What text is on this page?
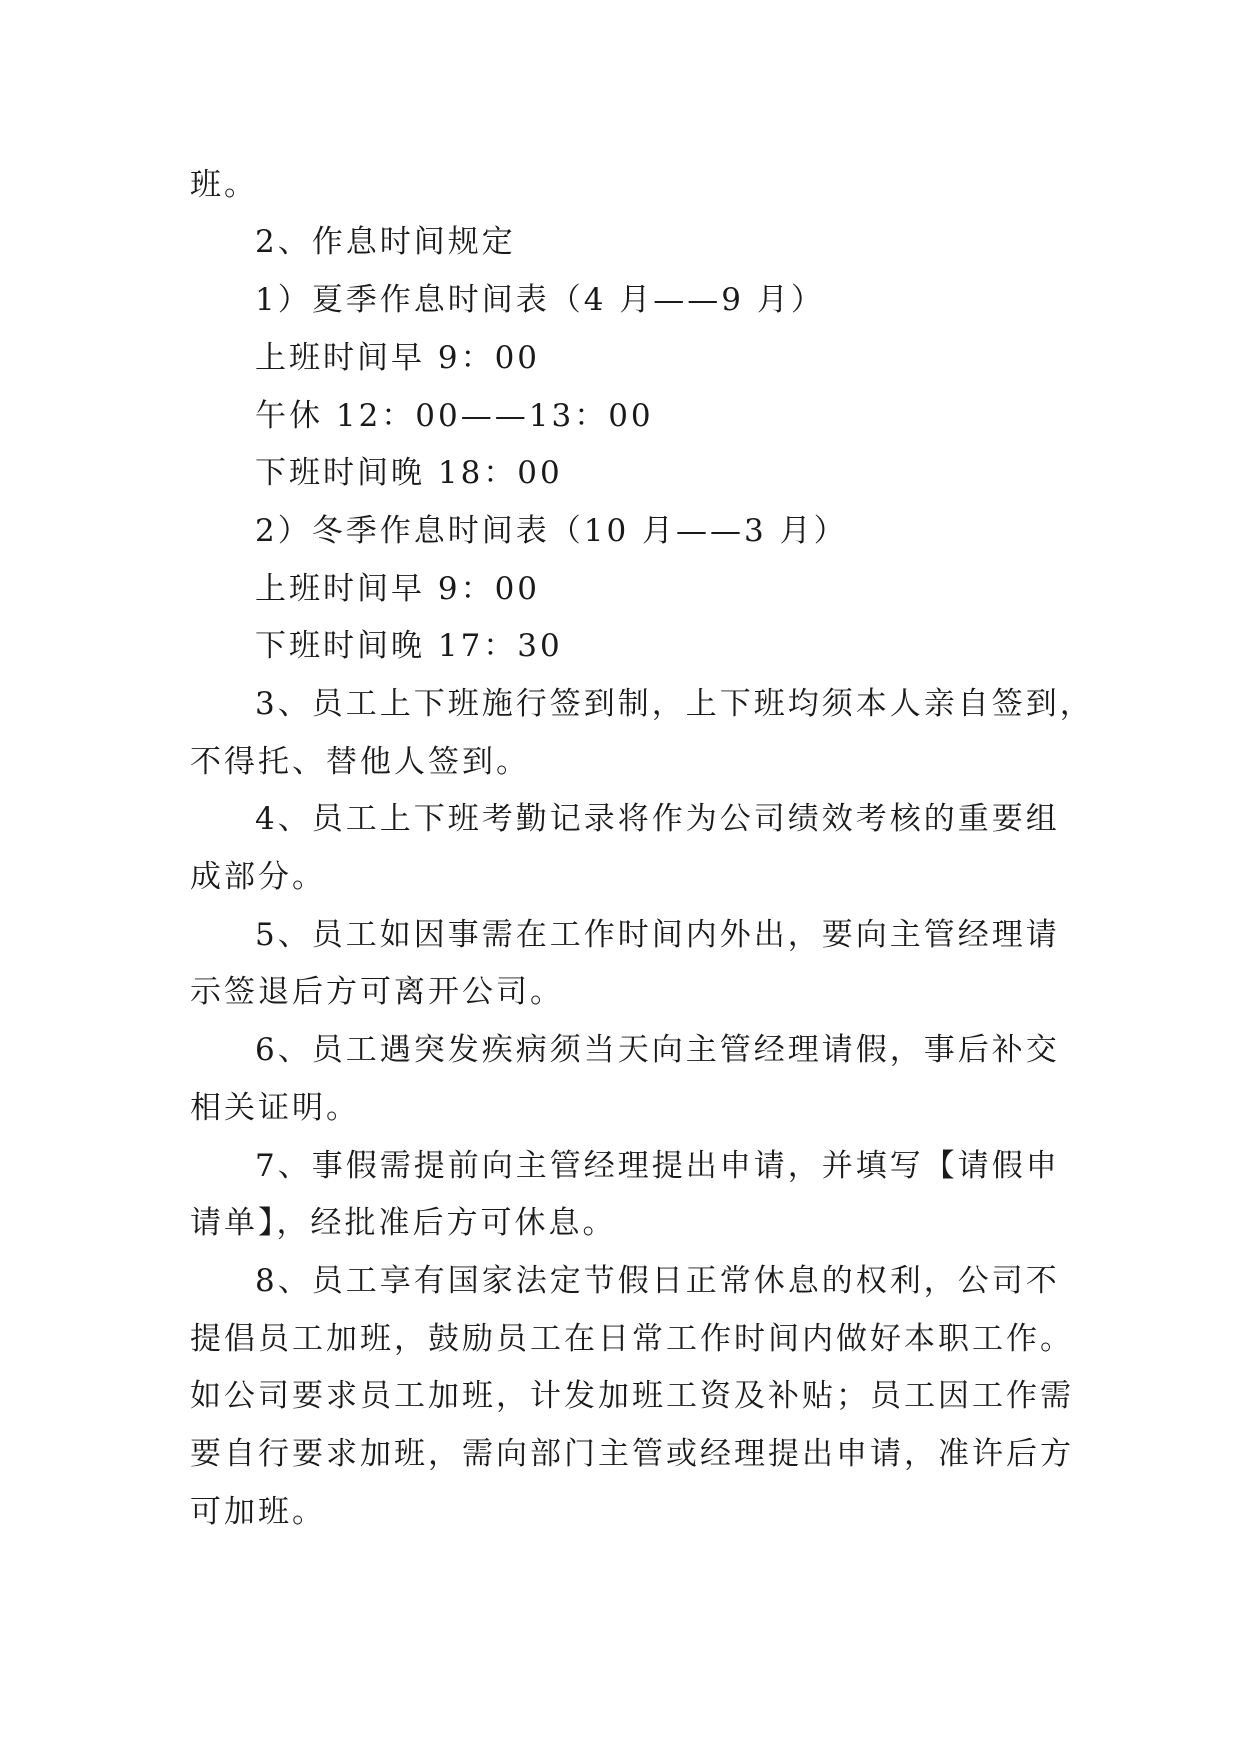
班。
2、作息时间规定
1）夏季作息时间表（4 月——9 月）
上班时间早 9：00
午休 12：00——13：00
下班时间晚 18：00
2）冬季作息时间表（10 月——3 月）
上班时间早 9：00
下班时间晚 17：30
3、员工上下班施行签到制，上下班均须本人亲自签到，
不得托、替他人签到。
4、员工上下班考勤记录将作为公司绩效考核的重要组
成部分。
5、员工如因事需在工作时间内外出，要向主管经理请
示签退后方可离开公司。
6、员工遇突发疾病须当天向主管经理请假，事后补交
相关证明。
7、事假需提前向主管经理提出申请，并填写【请假申
请单】，经批准后方可休息。
8、员工享有国家法定节假日正常休息的权利，公司不
提倡员工加班，鼓励员工在日常工作时间内做好本职工作。
如公司要求员工加班，计发加班工资及补贴；员工因工作需
要自行要求加班，需向部门主管或经理提出申请，准许后方
可加班。
